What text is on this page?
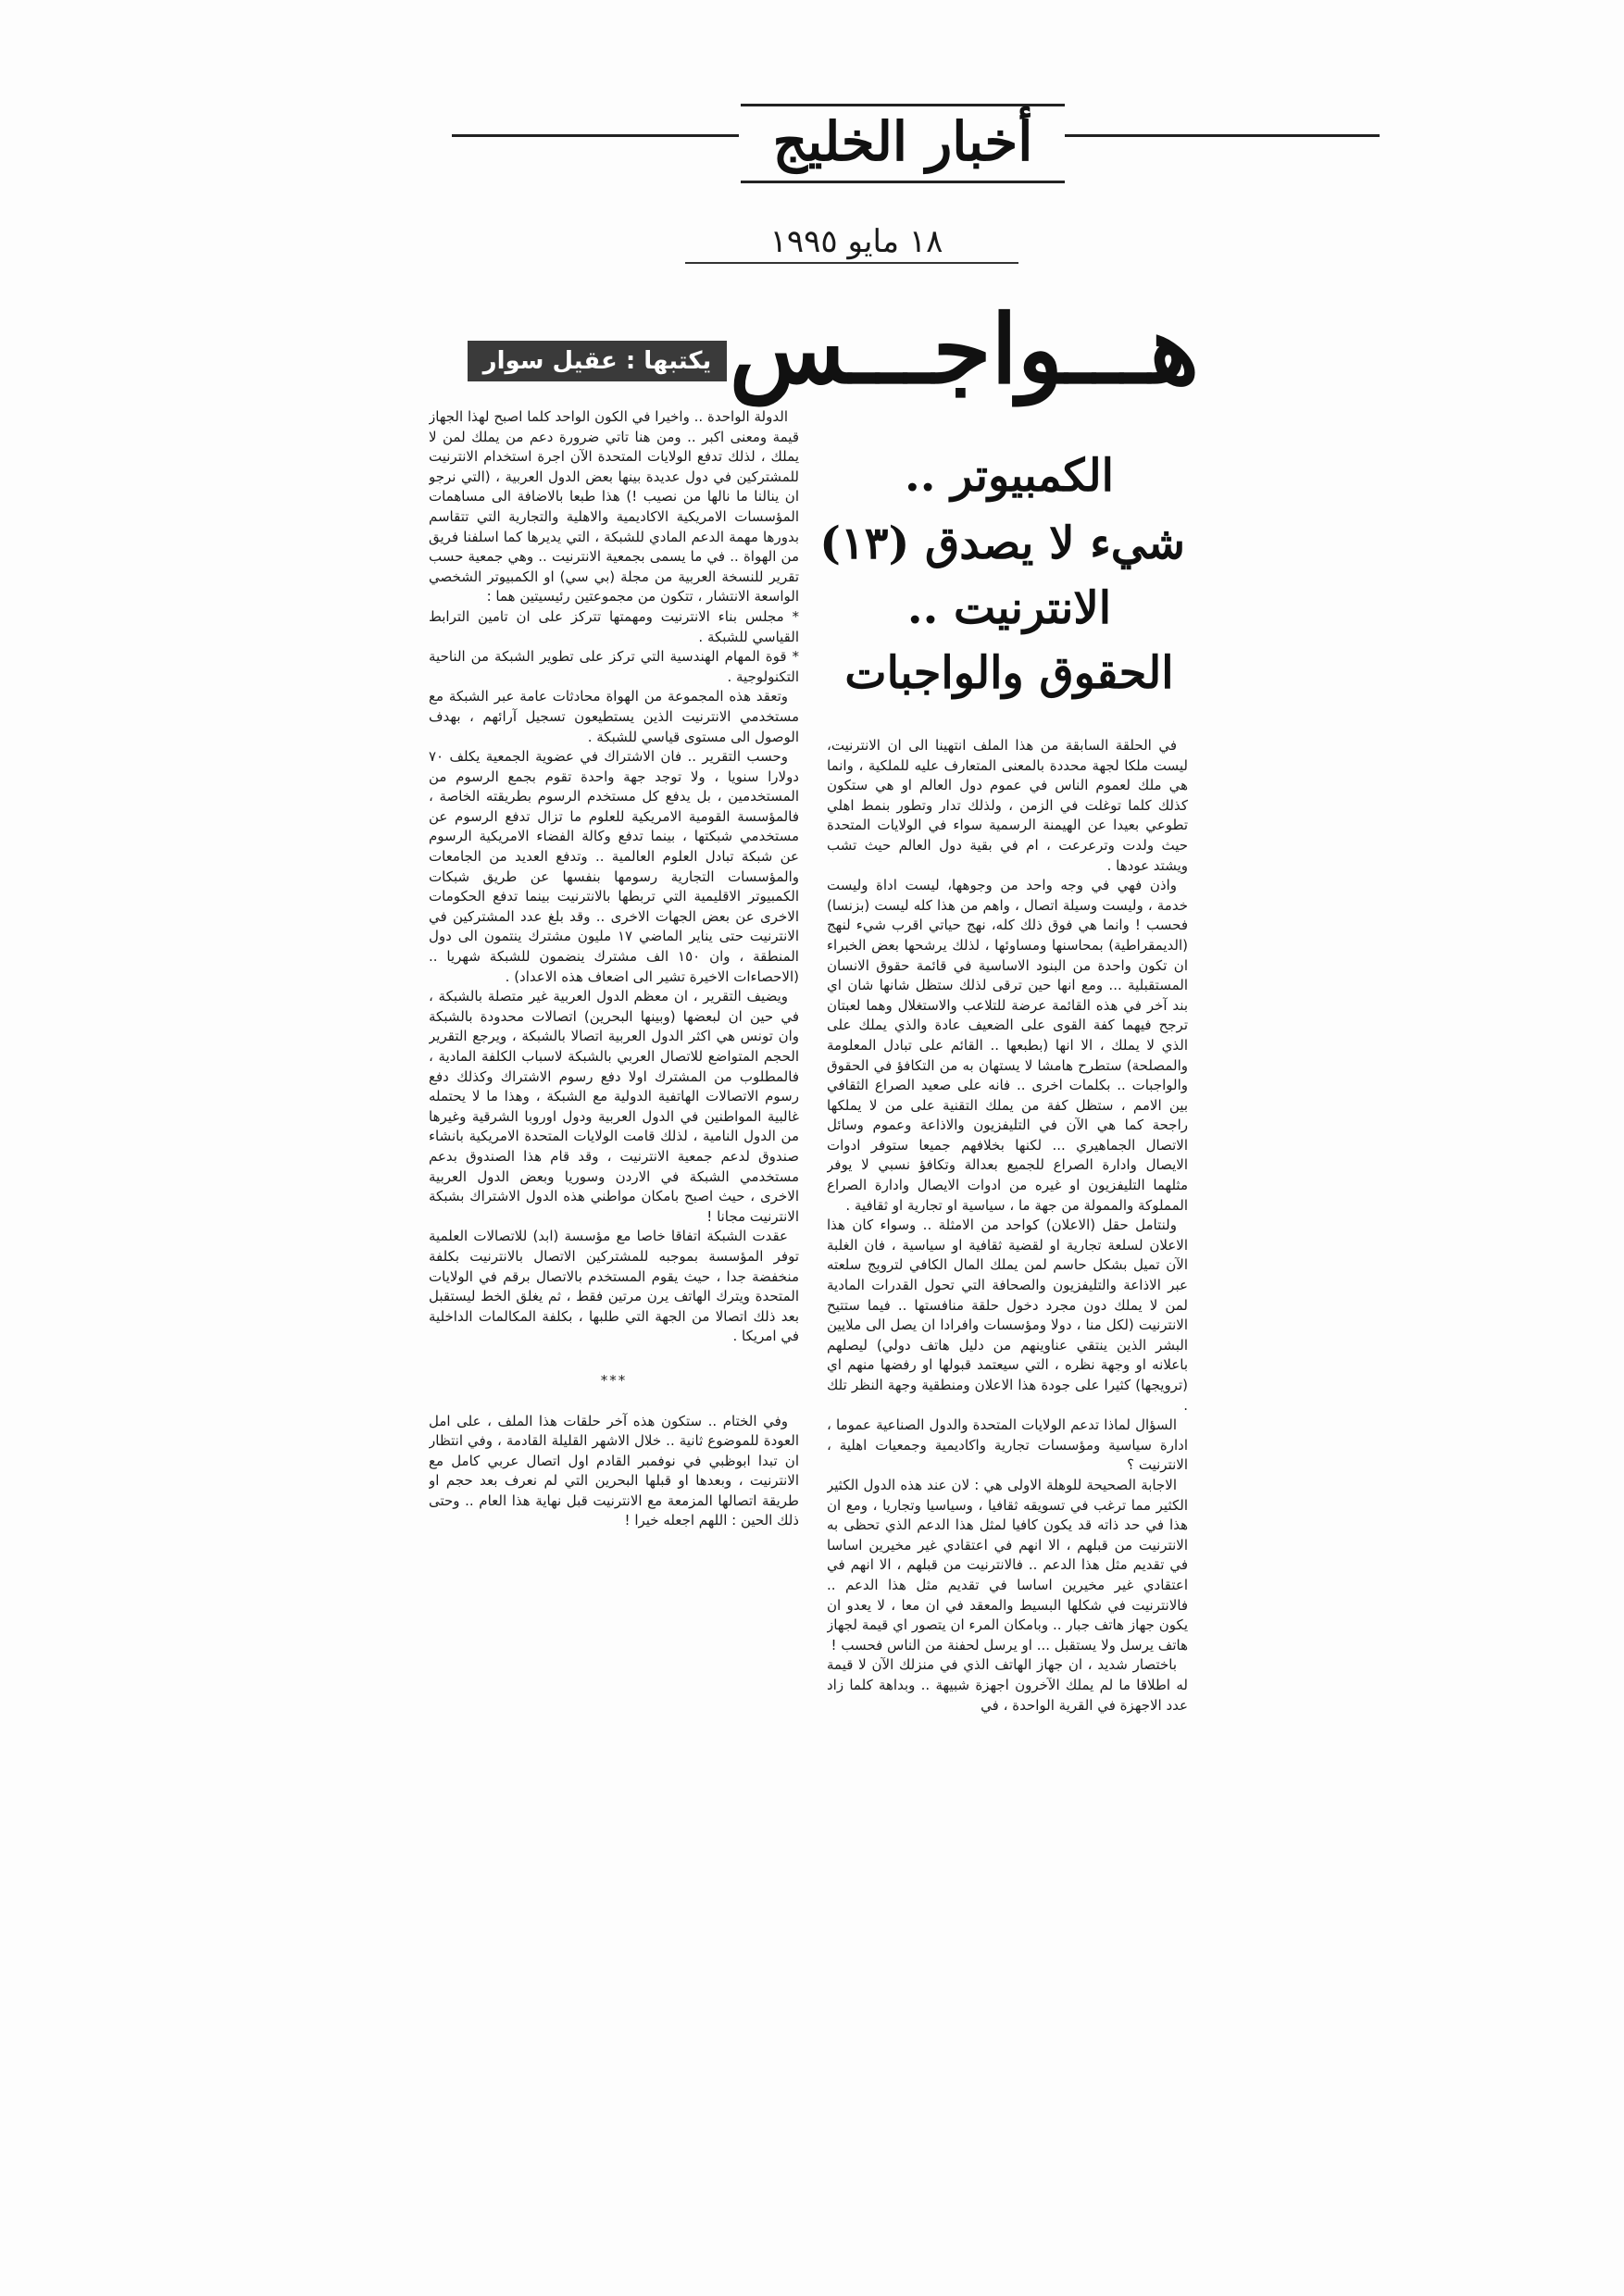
أخبار الخليج
١٨ مايو ١٩٩٥
هـــواجـــس
يكتبها : عقيل سوار
الكمبيوتر ..
شيء لا يصدق (١٣)
الانترنيت ..
الحقوق والواجبات

في الحلقة السابقة من هذا الملف انتهينا الى ان الانترنيت، ليست ملكا لجهة محددة بالمعنى المتعارف عليه للملكية ، وانما هي ملك لعموم الناس في عموم دول العالم او هي ستكون كذلك كلما توغلت في الزمن ، ولذلك تدار وتطور بنمط اهلي تطوعي بعيدا عن الهيمنة الرسمية سواء في الولايات المتحدة حيث ولدت وترعرعت ، ام في بقية دول العالم حيث تشب ويشتد عودها .

واذن فهي في وجه واحد من وجوهها، ليست اداة وليست خدمة ، وليست وسيلة اتصال ، واهم من هذا كله ليست (بزنسا) فحسب ! وانما هي فوق ذلك كله، نهج حياتي اقرب شيء لنهج (الديمقراطية) بمحاسنها ومساوئها ، لذلك يرشحها بعض الخبراء ان تكون واحدة من البنود الاساسية في قائمة حقوق الانسان المستقبلية ... ومع انها حين ترقى لذلك ستظل شانها شان اي بند آخر في هذه القائمة عرضة للتلاعب والاستغلال وهما لعبتان ترجح فيهما كفة القوى على الضعيف عادة والذي يملك على الذي لا يملك ، الا انها (بطبعها .. القائم على تبادل المعلومة والمصلحة) ستطرح هامشا لا يستهان به من التكافؤ في الحقوق والواجبات .. بكلمات اخرى .. فانه على صعيد الصراع الثقافي بين الامم ، ستظل كفة من يملك التقنية على من لا يملكها راجحة كما هي الآن في التليفزيون والاذاعة وعموم وسائل الاتصال الجماهيري ... لكنها بخلافهم جميعا ستوفر ادوات الايصال وادارة الصراع للجميع بعدالة وتكافؤ نسبي لا يوفر مثلهما التليفزيون او غيره من ادوات الايصال وادارة الصراع المملوكة والممولة من جهة ما ، سياسية او تجارية او ثقافية .

ولنتامل حقل (الاعلان) كواحد من الامثلة .. وسواء كان هذا الاعلان لسلعة تجارية او لقضية ثقافية او سياسية ، فان الغلبة الآن تميل بشكل حاسم لمن يملك المال الكافي لترويج سلعته عبر الاذاعة والتليفزيون والصحافة التي تحول القدرات المادية لمن لا يملك دون مجرد دخول حلقة منافستها .. فيما ستتيح الانترنيت (لكل منا ، دولا ومؤسسات وافرادا ان يصل الى ملايين البشر الذين ينتقي عناوينهم من دليل هاتف دولي) ليصلهم باعلانه او وجهة نظره ، التي سيعتمد قبولها او رفضها منهم اي (ترويجها) كثيرا على جودة هذا الاعلان ومنطقية وجهة النظر تلك .

السؤال لماذا تدعم الولايات المتحدة والدول الصناعية عموما ، ادارة سياسية ومؤسسات تجارية واكاديمية وجمعيات اهلية ، الانترنيت ؟

الاجابة الصحيحة للوهلة الاولى هي : لان عند هذه الدول الكثير الكثير مما ترغب في تسويقه ثقافيا ، وسياسيا وتجاريا ، ومع ان هذا في حد ذاته قد يكون كافيا لمثل هذا الدعم الذي تحظى به الانترنيت من قبلهم ، الا انهم في اعتقادي غير مخيرين اساسا في تقديم مثل هذا الدعم .. فالانترنيت من قبلهم ، الا انهم في اعتقادي غير مخيرين اساسا في تقديم مثل هذا الدعم .. فالانترنيت في شكلها البسيط والمعقد في ان معا ، لا يعدو ان يكون جهاز هاتف جبار .. وبامكان المرء ان يتصور اي قيمة لجهاز هاتف يرسل ولا يستقبل ... او يرسل لحفنة من الناس فحسب !

باختصار شديد ، ان جهاز الهاتف الذي في منزلك الآن لا قيمة له اطلاقا ما لم يملك الآخرون اجهزة شبيهة .. وبداهة كلما زاد عدد الاجهزة في القرية الواحدة ، في

الدولة الواحدة .. واخيرا في الكون الواحد كلما اصبح لهذا الجهاز قيمة ومعنى اكبر .. ومن هنا تاتي ضرورة دعم من يملك لمن لا يملك ، لذلك تدفع الولايات المتحدة الآن اجرة استخدام الانترنيت للمشتركين في دول عديدة بينها بعض الدول العربية ، (التي نرجو ان ينالنا ما نالها من نصيب !) هذا طبعا بالاضافة الى مساهمات المؤسسات الامريكية الاكاديمية والاهلية والتجارية التي تتقاسم بدورها مهمة الدعم المادي للشبكة ، التي يديرها كما اسلفنا فريق من الهواة .. في ما يسمى بجمعية الانترنيت .. وهي جمعية حسب تقرير للنسخة العربية من مجلة (بي سي) او الكمبيوتر الشخصي الواسعة الانتشار ، تتكون من مجموعتين رئيسيتين هما :

* مجلس بناء الانترنيت ومهمتها تتركز على ان تامين الترابط القياسي للشبكة .

* قوة المهام الهندسية التي تركز على تطوير الشبكة من الناحية التكنولوجية .

وتعقد هذه المجموعة من الهواة محادثات عامة عبر الشبكة مع مستخدمي الانترنيت الذين يستطيعون تسجيل آرائهم ، بهدف الوصول الى مستوى قياسي للشبكة .

وحسب التقرير .. فان الاشتراك في عضوية الجمعية يكلف ٧٠ دولارا سنويا ، ولا توجد جهة واحدة تقوم بجمع الرسوم من المستخدمين ، بل يدفع كل مستخدم الرسوم بطريقته الخاصة ، فالمؤسسة القومية الامريكية للعلوم ما تزال تدفع الرسوم عن مستخدمي شبكتها ، بينما تدفع وكالة الفضاء الامريكية الرسوم عن شبكة تبادل العلوم العالمية .. وتدفع العديد من الجامعات والمؤسسات التجارية رسومها بنفسها عن طريق شبكات الكمبيوتر الاقليمية التي تربطها بالانترنيت بينما تدفع الحكومات الاخرى عن بعض الجهات الاخرى .. وقد بلغ عدد المشتركين في الانترنيت حتى يناير الماضي ١٧ مليون مشترك ينتمون الى دول المنطقة ، وان ١٥٠ الف مشترك ينضمون للشبكة شهريا .. (الاحصاءات الاخيرة تشير الى اضعاف هذه الاعداد) .

ويضيف التقرير ، ان معظم الدول العربية غير متصلة بالشبكة ، في حين ان لبعضها (وبينها البحرين) اتصالات محدودة بالشبكة وان تونس هي اكثر الدول العربية اتصالا بالشبكة ، ويرجع التقرير الحجم المتواضع للاتصال العربي بالشبكة لاسباب الكلفة المادية ، فالمطلوب من المشترك اولا دفع رسوم الاشتراك وكذلك دفع رسوم الاتصالات الهاتفية الدولية مع الشبكة ، وهذا ما لا يحتمله غالبية المواطنين في الدول العربية ودول اوروبا الشرقية وغيرها من الدول النامية ، لذلك قامت الولايات المتحدة الامريكية بانشاء صندوق لدعم جمعية الانترنيت ، وقد قام هذا الصندوق بدعم مستخدمي الشبكة في الاردن وسوريا وبعض الدول العربية الاخرى ، حيث اصبح بامكان مواطني هذه الدول الاشتراك بشبكة الانترنيت مجانا !

عقدت الشبكة اتفاقا خاصا مع مؤسسة (ابد) للاتصالات العلمية توفر المؤسسة بموجبه للمشتركين الاتصال بالانترنيت بكلفة منخفضة جدا ، حيث يقوم المستخدم بالاتصال برقم في الولايات المتحدة ويترك الهاتف يرن مرتين فقط ، ثم يغلق الخط ليستقبل بعد ذلك اتصالا من الجهة التي طلبها ، بكلفة المكالمات الداخلية في امريكا .

***

وفي الختام .. ستكون هذه آخر حلقات هذا الملف ، على امل العودة للموضوع ثانية .. خلال الاشهر القليلة القادمة ، وفي انتظار ان تبدا ابوظبي في نوفمبر القادم اول اتصال عربي كامل مع الانترنيت ، وبعدها او قبلها البحرين التي لم نعرف بعد حجم او طريقة اتصالها المزمعة مع الانترنيت قبل نهاية هذا العام .. وحتى ذلك الحين : اللهم اجعله خيرا !
